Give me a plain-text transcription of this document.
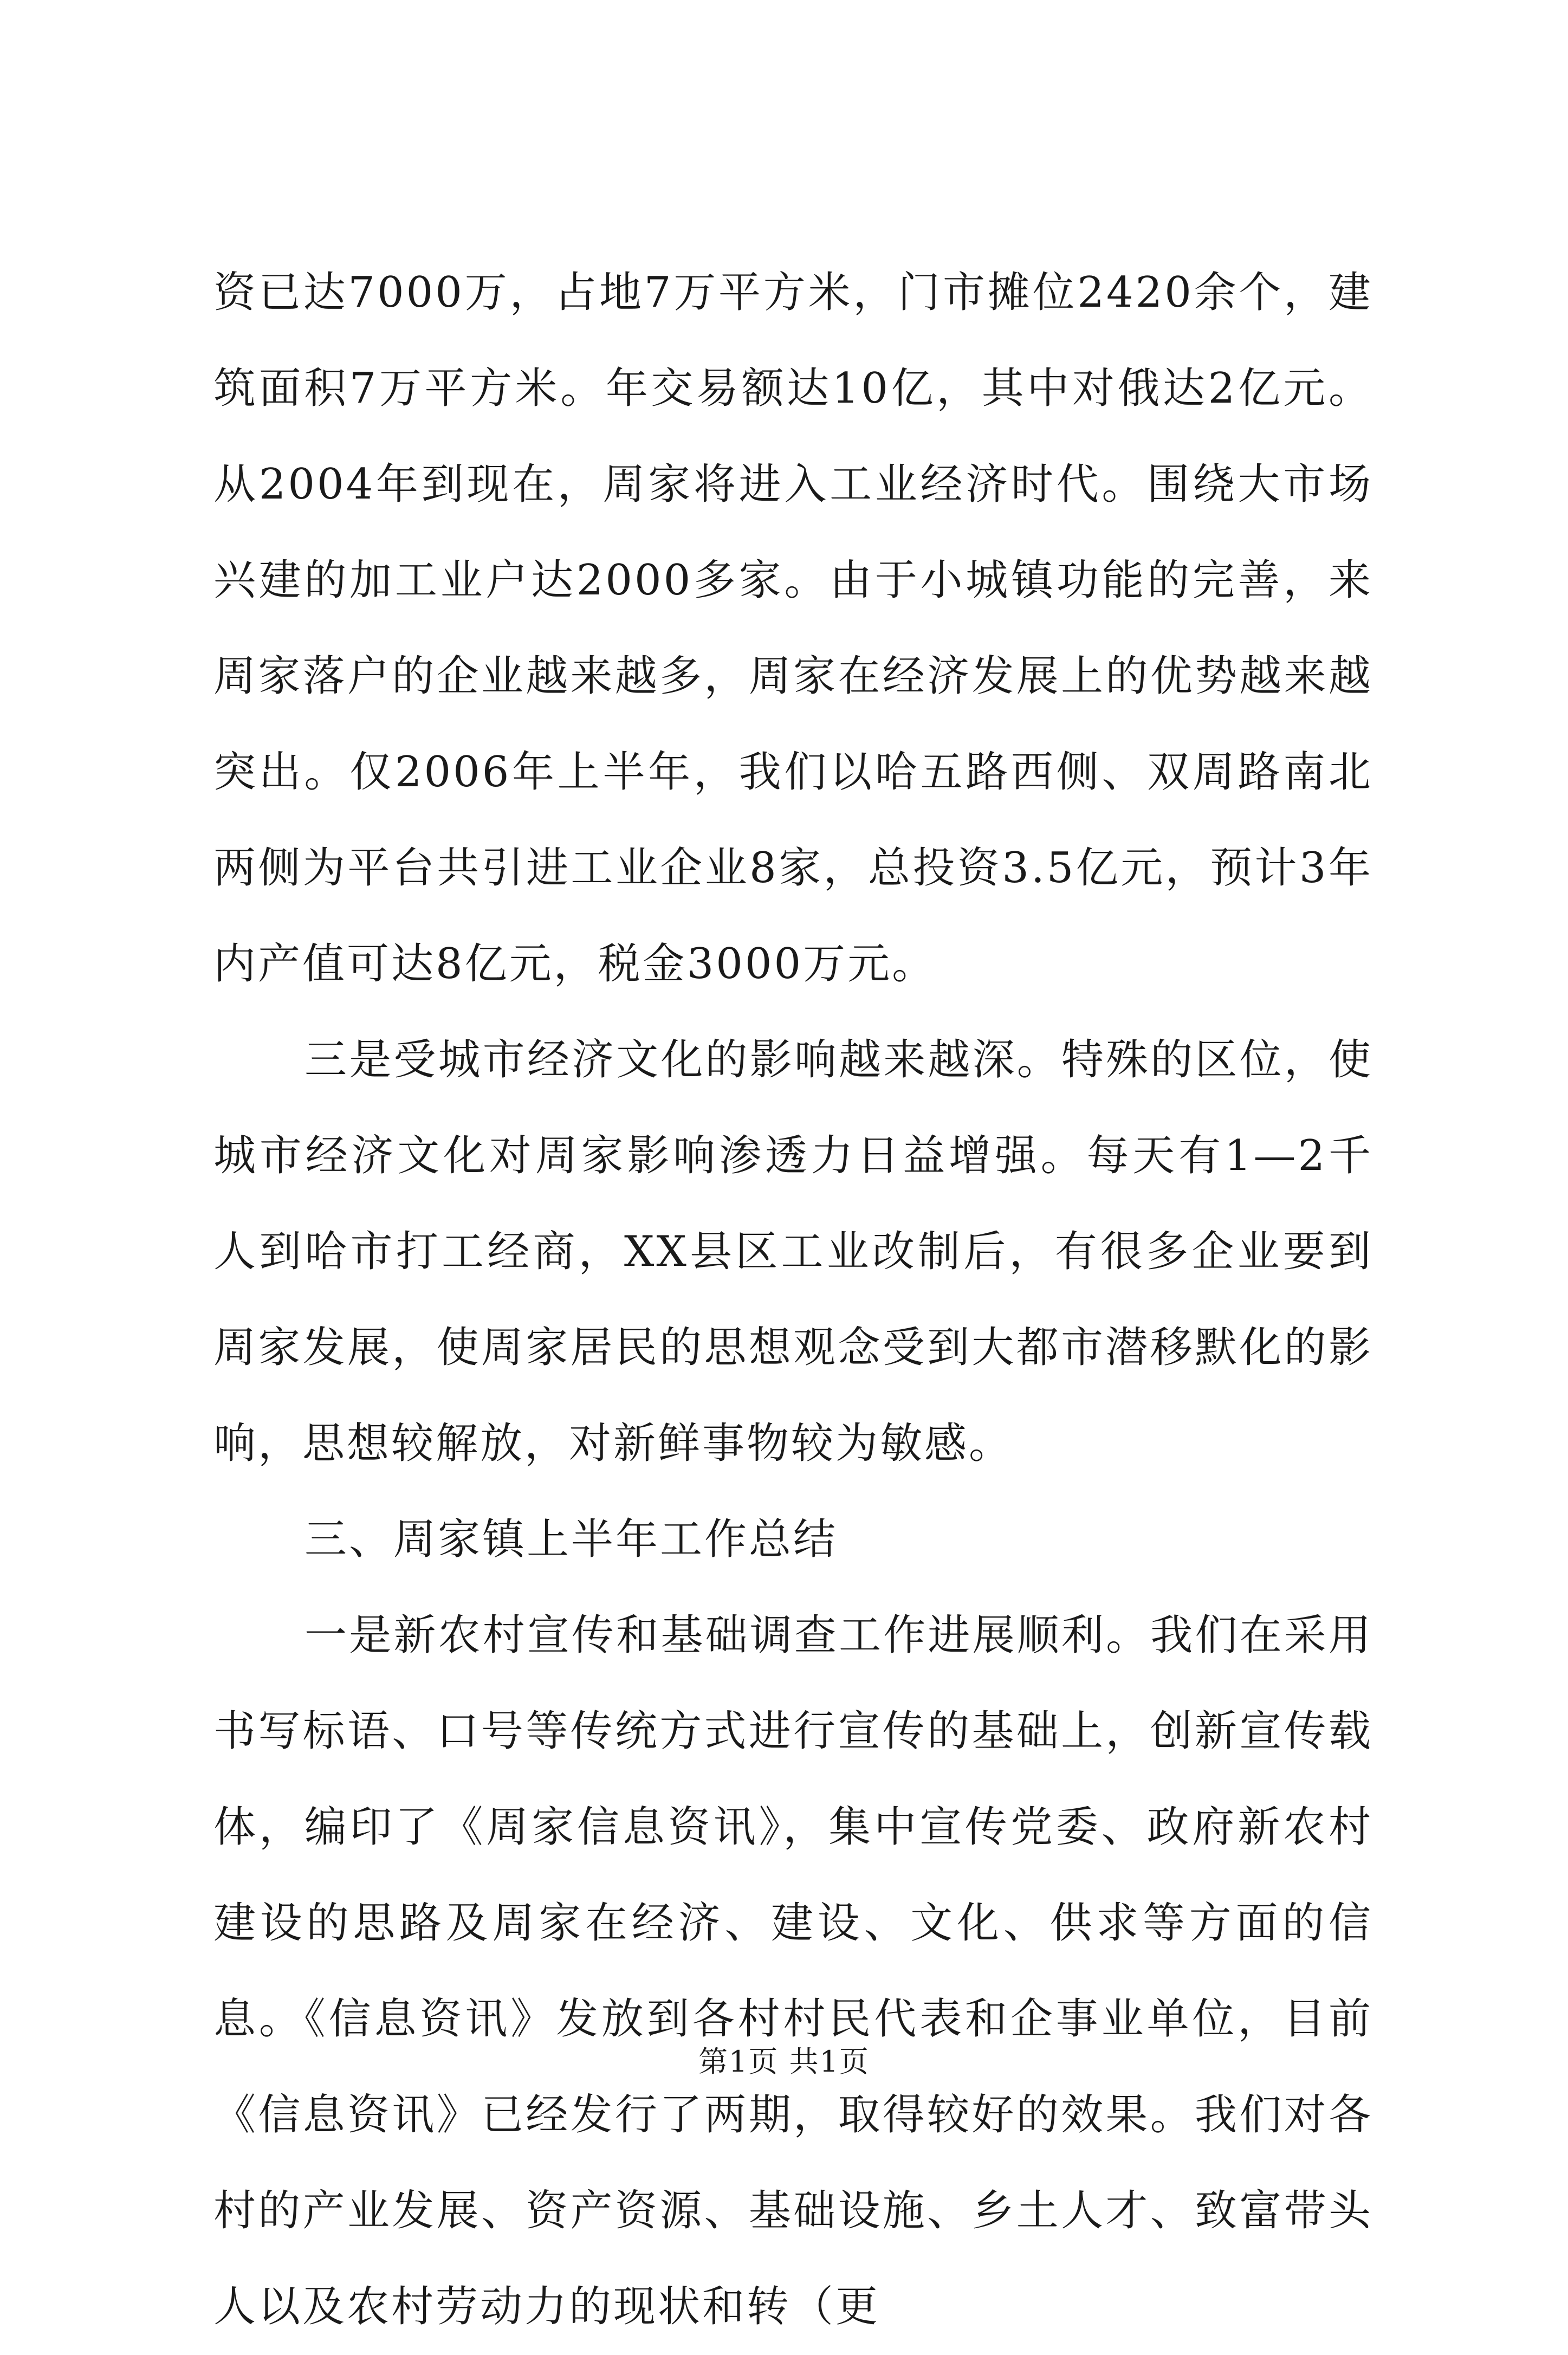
资已达7000万，占地7万平方米，门市摊位2420余个，建筑面积7万平方米。年交易额达10亿，其中对俄达2亿元。从2004年到现在，周家将进入工业经济时代。围绕大市场兴建的加工业户达2000多家。由于小城镇功能的完善，来周家落户的企业越来越多，周家在经济发展上的优势越来越突出。仅2006年上半年，我们以哈五路西侧、双周路南北两侧为平台共引进工业企业8家，总投资3.5亿元，预计3年内产值可达8亿元，税金3000万元。

三是受城市经济文化的影响越来越深。特殊的区位，使城市经济文化对周家影响渗透力日益增强。每天有1—2千人到哈市打工经商，XX县区工业改制后，有很多企业要到周家发展，使周家居民的思想观念受到大都市潜移默化的影响，思想较解放，对新鲜事物较为敏感。

三、周家镇上半年工作总结

一是新农村宣传和基础调查工作进展顺利。我们在采用书写标语、口号等传统方式进行宣传的基础上，创新宣传载体，编印了《周家信息资讯》，集中宣传党委、政府新农村建设的思路及周家在经济、建设、文化、供求等方面的信息。《信息资讯》发放到各村村民代表和企事业单位，目前《信息资讯》已经发行了两期，取得较好的效果。我们对各村的产业发展、资产资源、基础设施、乡土人才、致富带头人以及农村劳动力的现状和转（更

第1页 共1页
